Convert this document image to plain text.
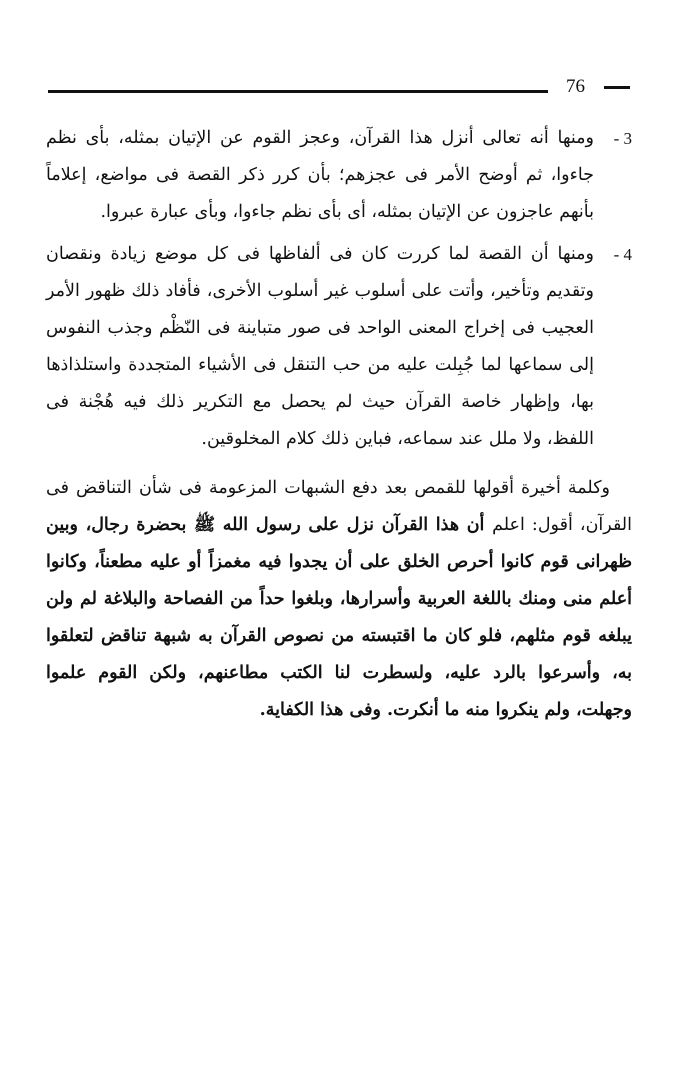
76
3 -
ومنها أنه تعالى أنزل هذا القرآن، وعجز القوم عن الإتيان بمثله، بأى نظم جاءوا، ثم أوضح الأمر فى عجزهم؛ بأن كرر ذكر القصة فى مواضع، إعلاماً بأنهم عاجزون عن الإتيان بمثله، أى بأى نظم جاءوا، وبأى عبارة عبروا.
4 -
ومنها أن القصة لما كررت كان فى ألفاظها فى كل موضع زيادة ونقصان وتقديم وتأخير، وأتت على أسلوب غير أسلوب الأخرى، فأفاد ذلك ظهور الأمر العجيب فى إخراج المعنى الواحد فى صور متباينة فى النّظْم وجذب النفوس إلى سماعها لما جُبِلت عليه من حب التنقل فى الأشياء المتجددة واستلذاذها بها، وإظهار خاصة القرآن حيث لم يحصل مع التكرير ذلك فيه هُجْنة فى اللفظ، ولا ملل عند سماعه، فباين ذلك كلام المخلوقين.

وكلمة أخيرة أقولها للقمص بعد دفع الشبهات المزعومة فى شأن التناقض فى القرآن، أقول: اعلم أن هذا القرآن نزل على رسول الله ﷺ بحضرة رجال، وبين ظهرانى قوم كانوا أحرص الخلق على أن يجدوا فيه مغمزاً أو عليه مطعناً، وكانوا أعلم منى ومنك باللغة العربية وأسرارها، وبلغوا حداً من الفصاحة والبلاغة لم ولن يبلغه قوم مثلهم، فلو كان ما اقتبسته من نصوص القرآن به شبهة تناقض لتعلقوا به، وأسرعوا بالرد عليه، ولسطرت لنا الكتب مطاعنهم، ولكن القوم علموا وجهلت، ولم ينكروا منه ما أنكرت. وفى هذا الكفاية.
